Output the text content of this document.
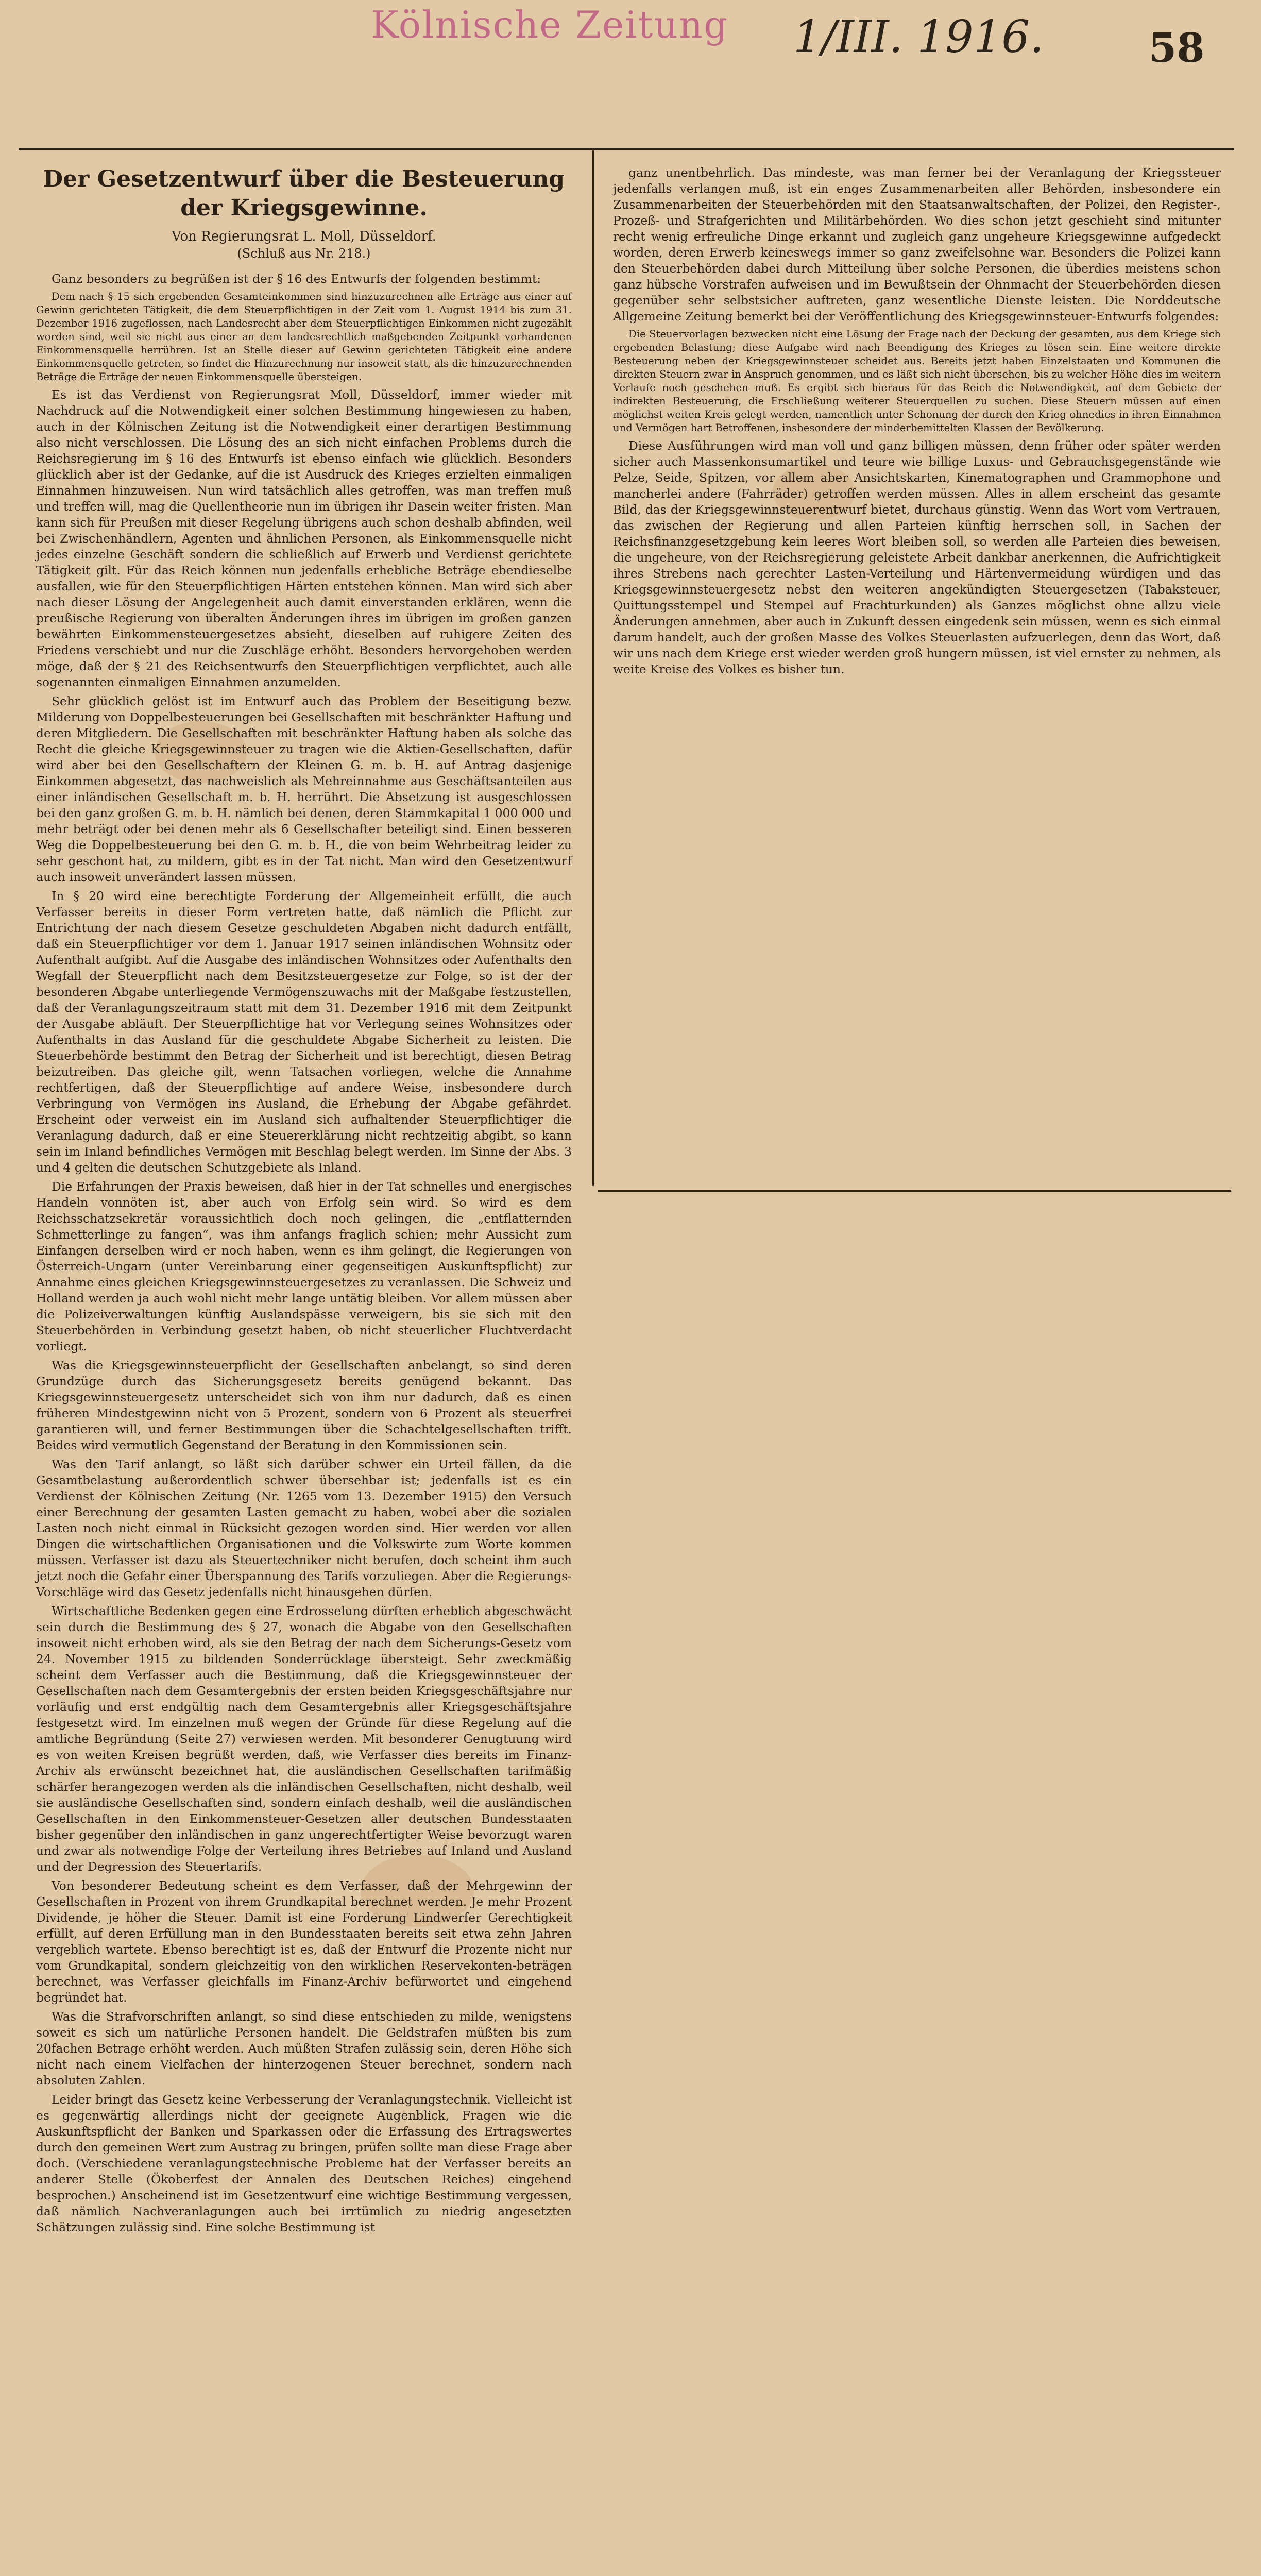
Kölnische Zeitung	1/III. 1916.	58
Der Gesetzentwurf über die Besteuerung der Kriegsgewinne.

Von Regierungsrat L. Moll, Düsseldorf.

(Schluß aus Nr. 218.)

Ganz besonders zu begrüßen ist der § 16 des Entwurfs der folgenden bestimmt:

Dem nach § 15 sich ergebenden Gesamteinkommen sind hinzuzurechnen alle Erträge aus einer auf Gewinn gerichteten Tätigkeit, die dem Steuerpflichtigen in der Zeit vom 1. August 1914 bis zum 31. Dezember 1916 zugeflossen, nach Landesrecht aber dem Steuerpflichtigen Einkommen nicht zugezählt worden sind, weil sie nicht aus einer an dem landesrechtlich maßgebenden Zeitpunkt vorhandenen Einkommensquelle herrühren. Ist an Stelle dieser auf Gewinn gerichteten Tätigkeit eine andere Einkommensquelle getreten, so findet die Hinzurechnung nur insoweit statt, als die hinzuzurechnenden Beträge die Erträge der neuen Einkommensquelle übersteigen.

Es ist das Verdienst von Regierungsrat Moll, Düsseldorf, immer wieder mit Nachdruck auf die Notwendigkeit einer solchen Bestimmung hingewiesen zu haben, auch in der Kölnischen Zeitung ist die Notwendigkeit einer derartigen Bestimmung also nicht verschlossen. Die Lösung des an sich nicht einfachen Problems durch die Reichsregierung im § 16 des Entwurfs ist ebenso einfach wie glücklich. Besonders glücklich aber ist der Gedanke, auf die ist Ausdruck des Krieges erzielten einmaligen Einnahmen hinzuweisen. Nun wird tatsächlich alles getroffen, was man treffen muß und treffen will, mag die Quellentheorie nun im übrigen ihr Dasein weiter fristen. Man kann sich für Preußen mit dieser Regelung übrigens auch schon deshalb abfinden, weil bei Zwischenhändlern, Agenten und ähnlichen Personen, als Einkommensquelle nicht jedes einzelne Geschäft sondern die schließlich auf Erwerb und Verdienst gerichtete Tätigkeit gilt. Für das Reich können nun jedenfalls erhebliche Beträge ebendieselbe ausfallen, wie für den Steuerpflichtigen Härten entstehen können. Man wird sich aber nach dieser Lösung der Angelegenheit auch damit einverstanden erklären, wenn die preußische Regierung von überalten Änderungen ihres im übrigen im großen ganzen bewährten Einkommensteuergesetzes absieht, dieselben auf ruhigere Zeiten des Friedens verschiebt und nur die Zuschläge erhöht. Besonders hervorgehoben werden möge, daß der § 21 des Reichsentwurfs den Steuerpflichtigen verpflichtet, auch alle sogenannten einmaligen Einnahmen anzumelden.

Sehr glücklich gelöst ist im Entwurf auch das Problem der Beseitigung bezw. Milderung von Doppelbesteuerungen bei Gesellschaften mit beschränkter Haftung und deren Mitgliedern. Die Gesellschaften mit beschränkter Haftung haben als solche das Recht die gleiche Kriegsgewinnsteuer zu tragen wie die Aktien-Gesellschaften, dafür wird aber bei den Gesellschaftern der Kleinen G. m. b. H. auf Antrag dasjenige Einkommen abgesetzt, das nachweislich als Mehreinnahme aus Geschäftsanteilen aus einer inländischen Gesellschaft m. b. H. herrührt. Die Absetzung ist ausgeschlossen bei den ganz großen G. m. b. H. nämlich bei denen, deren Stammkapital 1 000 000 und mehr beträgt oder bei denen mehr als 6 Gesellschafter beteiligt sind. Einen besseren Weg die Doppelbesteuerung bei den G. m. b. H., die von beim Wehrbeitrag leider zu sehr geschont hat, zu mildern, gibt es in der Tat nicht. Man wird den Gesetzentwurf auch insoweit unverändert lassen müssen.

In § 20 wird eine berechtigte Forderung der Allgemeinheit erfüllt, die auch Verfasser bereits in dieser Form vertreten hatte, daß nämlich die Pflicht zur Entrichtung der nach diesem Gesetze geschuldeten Abgaben nicht dadurch entfällt, daß ein Steuerpflichtiger vor dem 1. Januar 1917 seinen inländischen Wohnsitz oder Aufenthalt aufgibt. Auf die Ausgabe des inländischen Wohnsitzes oder Aufenthalts den Wegfall der Steuerpflicht nach dem Besitzsteuergesetze zur Folge, so ist der der besonderen Abgabe unterliegende Vermögenszuwachs mit der Maßgabe festzustellen, daß der Veranlagungszeitraum statt mit dem 31. Dezember 1916 mit dem Zeitpunkt der Ausgabe abläuft. Der Steuerpflichtige hat vor Verlegung seines Wohnsitzes oder Aufenthalts in das Ausland für die geschuldete Abgabe Sicherheit zu leisten. Die Steuerbehörde bestimmt den Betrag der Sicherheit und ist berechtigt, diesen Betrag beizutreiben. Das gleiche gilt, wenn Tatsachen vorliegen, welche die Annahme rechtfertigen, daß der Steuerpflichtige auf andere Weise, insbesondere durch Verbringung von Vermögen ins Ausland, die Erhebung der Abgabe gefährdet. Erscheint oder verweist ein im Ausland sich aufhaltender Steuerpflichtiger die Veranlagung dadurch, daß er eine Steuererklärung nicht rechtzeitig abgibt, so kann sein im Inland befindliches Vermögen mit Beschlag belegt werden. Im Sinne der Abs. 3 und 4 gelten die deutschen Schutzgebiete als Inland.

Die Erfahrungen der Praxis beweisen, daß hier in der Tat schnelles und energisches Handeln vonnöten ist, aber auch von Erfolg sein wird. So wird es dem Reichsschatzsekretär voraussichtlich doch noch gelingen, die „entflatternden Schmetterlinge zu fangen“, was ihm anfangs fraglich schien; mehr Aussicht zum Einfangen derselben wird er noch haben, wenn es ihm gelingt, die Regierungen von Österreich-Ungarn (unter Vereinbarung einer gegenseitigen Auskunftspflicht) zur Annahme eines gleichen Kriegsgewinnsteuergesetzes zu veranlassen. Die Schweiz und Holland werden ja auch wohl nicht mehr lange untätig bleiben. Vor allem müssen aber die Polizeiverwaltungen künftig Auslandspässe verweigern, bis sie sich mit den Steuerbehörden in Verbindung gesetzt haben, ob nicht steuerlicher Fluchtverdacht vorliegt.

Was die Kriegsgewinnsteuerpflicht der Gesellschaften anbelangt, so sind deren Grundzüge durch das Sicherungsgesetz bereits genügend bekannt. Das Kriegsgewinnsteuergesetz unterscheidet sich von ihm nur dadurch, daß es einen früheren Mindestgewinn nicht von 5 Prozent, sondern von 6 Prozent als steuerfrei garantieren will, und ferner Bestimmungen über die Schachtelgesellschaften trifft. Beides wird vermutlich Gegenstand der Beratung in den Kommissionen sein.

Was den Tarif anlangt, so läßt sich darüber schwer ein Urteil fällen, da die Gesamtbelastung außerordentlich schwer übersehbar ist; jedenfalls ist es ein Verdienst der Kölnischen Zeitung (Nr. 1265 vom 13. Dezember 1915) den Versuch einer Berechnung der gesamten Lasten gemacht zu haben, wobei aber die sozialen Lasten noch nicht einmal in Rücksicht gezogen worden sind. Hier werden vor allen Dingen die wirtschaftlichen Organisationen und die Volkswirte zum Worte kommen müssen. Verfasser ist dazu als Steuertechniker nicht berufen, doch scheint ihm auch jetzt noch die Gefahr einer Überspannung des Tarifs vorzuliegen. Aber die Regierungs-Vorschläge wird das Gesetz jedenfalls nicht hinausgehen dürfen.

Wirtschaftliche Bedenken gegen eine Erdrosselung dürften erheblich abgeschwächt sein durch die Bestimmung des § 27, wonach die Abgabe von den Gesellschaften insoweit nicht erhoben wird, als sie den Betrag der nach dem Sicherungs-Gesetz vom 24. November 1915 zu bildenden Sonderrücklage übersteigt. Sehr zweckmäßig scheint dem Verfasser auch die Bestimmung, daß die Kriegsgewinnsteuer der Gesellschaften nach dem Gesamtergebnis der ersten beiden Kriegsgeschäftsjahre nur vorläufig und erst endgültig nach dem Gesamtergebnis aller Kriegsgeschäftsjahre festgesetzt wird. Im einzelnen muß wegen der Gründe für diese Regelung auf die amtliche Begründung (Seite 27) verwiesen werden. Mit besonderer Genugtuung wird es von weiten Kreisen begrüßt werden, daß, wie Verfasser dies bereits im Finanz-Archiv als erwünscht bezeichnet hat, die ausländischen Gesellschaften tarifmäßig schärfer herangezogen werden als die inländischen Gesellschaften, nicht deshalb, weil sie ausländische Gesellschaften sind, sondern einfach deshalb, weil die ausländischen Gesellschaften in den Einkommensteuer-Gesetzen aller deutschen Bundesstaaten bisher gegenüber den inländischen in ganz ungerechtfertigter Weise bevorzugt waren und zwar als notwendige Folge der Verteilung ihres Betriebes auf Inland und Ausland und der Degression des Steuertarifs.

Von besonderer Bedeutung scheint es dem Verfasser, daß der Mehrgewinn der Gesellschaften in Prozent von ihrem Grundkapital berechnet werden. Je mehr Prozent Dividende, je höher die Steuer. Damit ist eine Forderung Lindwerfer Gerechtigkeit erfüllt, auf deren Erfüllung man in den Bundesstaaten bereits seit etwa zehn Jahren vergeblich wartete. Ebenso berechtigt ist es, daß der Entwurf die Prozente nicht nur vom Grundkapital, sondern gleichzeitig von den wirklichen Reservekonten-beträgen berechnet, was Verfasser gleichfalls im Finanz-Archiv befürwortet und eingehend begründet hat.

Was die Strafvorschriften anlangt, so sind diese entschieden zu milde, wenigstens soweit es sich um natürliche Personen handelt. Die Geldstrafen müßten bis zum 20fachen Betrage erhöht werden. Auch müßten Strafen zulässig sein, deren Höhe sich nicht nach einem Vielfachen der hinterzogenen Steuer berechnet, sondern nach absoluten Zahlen.

Leider bringt das Gesetz keine Verbesserung der Veranlagungstechnik. Vielleicht ist es gegenwärtig allerdings nicht der geeignete Augenblick, Fragen wie die Auskunftspflicht der Banken und Sparkassen oder die Erfassung des Ertragswertes durch den gemeinen Wert zum Austrag zu bringen, prüfen sollte man diese Frage aber doch. (Verschiedene veranlagungstechnische Probleme hat der Verfasser bereits an anderer Stelle (Ökoberfest der Annalen des Deutschen Reiches) eingehend besprochen.) Anscheinend ist im Gesetzentwurf eine wichtige Bestimmung vergessen, daß nämlich Nachveranlagungen auch bei irrtümlich zu niedrig angesetzten Schätzungen zulässig sind. Eine solche Bestimmung ist

ganz unentbehrlich. Das mindeste, was man ferner bei der Veranlagung der Kriegssteuer jedenfalls verlangen muß, ist ein enges Zusammenarbeiten aller Behörden, insbesondere ein Zusammenarbeiten der Steuerbehörden mit den Staatsanwaltschaften, der Polizei, den Register-, Prozeß- und Strafgerichten und Militärbehörden. Wo dies schon jetzt geschieht sind mitunter recht wenig erfreuliche Dinge erkannt und zugleich ganz ungeheure Kriegsgewinne aufgedeckt worden, deren Erwerb keineswegs immer so ganz zweifelsohne war. Besonders die Polizei kann den Steuerbehörden dabei durch Mitteilung über solche Personen, die überdies meistens schon ganz hübsche Vorstrafen aufweisen und im Bewußtsein der Ohnmacht der Steuerbehörden diesen gegenüber sehr selbstsicher auftreten, ganz wesentliche Dienste leisten. Die Norddeutsche Allgemeine Zeitung bemerkt bei der Veröffentlichung des Kriegsgewinnsteuer-Entwurfs folgendes:

Die Steuervorlagen bezwecken nicht eine Lösung der Frage nach der Deckung der gesamten, aus dem Kriege sich ergebenden Belastung; diese Aufgabe wird nach Beendigung des Krieges zu lösen sein. Eine weitere direkte Besteuerung neben der Kriegsgewinnsteuer scheidet aus. Bereits jetzt haben Einzelstaaten und Kommunen die direkten Steuern zwar in Anspruch genommen, und es läßt sich nicht übersehen, bis zu welcher Höhe dies im weitern Verlaufe noch geschehen muß. Es ergibt sich hieraus für das Reich die Notwendigkeit, auf dem Gebiete der indirekten Besteuerung, die Erschließung weiterer Steuerquellen zu suchen. Diese Steuern müssen auf einen möglichst weiten Kreis gelegt werden, namentlich unter Schonung der durch den Krieg ohnedies in ihren Einnahmen und Vermögen hart Betroffenen, insbesondere der minderbemittelten Klassen der Bevölkerung.

Diese Ausführungen wird man voll und ganz billigen müssen, denn früher oder später werden sicher auch Massenkonsumartikel und teure wie billige Luxus- und Gebrauchsgegenstände wie Pelze, Seide, Spitzen, vor allem aber Ansichtskarten, Kinematographen und Grammophone und mancherlei andere (Fahrräder) getroffen werden müssen. Alles in allem erscheint das gesamte Bild, das der Kriegsgewinnsteuerentwurf bietet, durchaus günstig. Wenn das Wort vom Vertrauen, das zwischen der Regierung und allen Parteien künftig herrschen soll, in Sachen der Reichsfinanzgesetzgebung kein leeres Wort bleiben soll, so werden alle Parteien dies beweisen, die ungeheure, von der Reichsregierung geleistete Arbeit dankbar anerkennen, die Aufrichtigkeit ihres Strebens nach gerechter Lasten-Verteilung und Härtenvermeidung würdigen und das Kriegsgewinnsteuergesetz nebst den weiteren angekündigten Steuergesetzen (Tabaksteuer, Quittungsstempel und Stempel auf Frachturkunden) als Ganzes möglichst ohne allzu viele Änderungen annehmen, aber auch in Zukunft dessen eingedenk sein müssen, wenn es sich einmal darum handelt, auch der großen Masse des Volkes Steuerlasten aufzuerlegen, denn das Wort, daß wir uns nach dem Kriege erst wieder werden groß hungern müssen, ist viel ernster zu nehmen, als weite Kreise des Volkes es bisher tun.
